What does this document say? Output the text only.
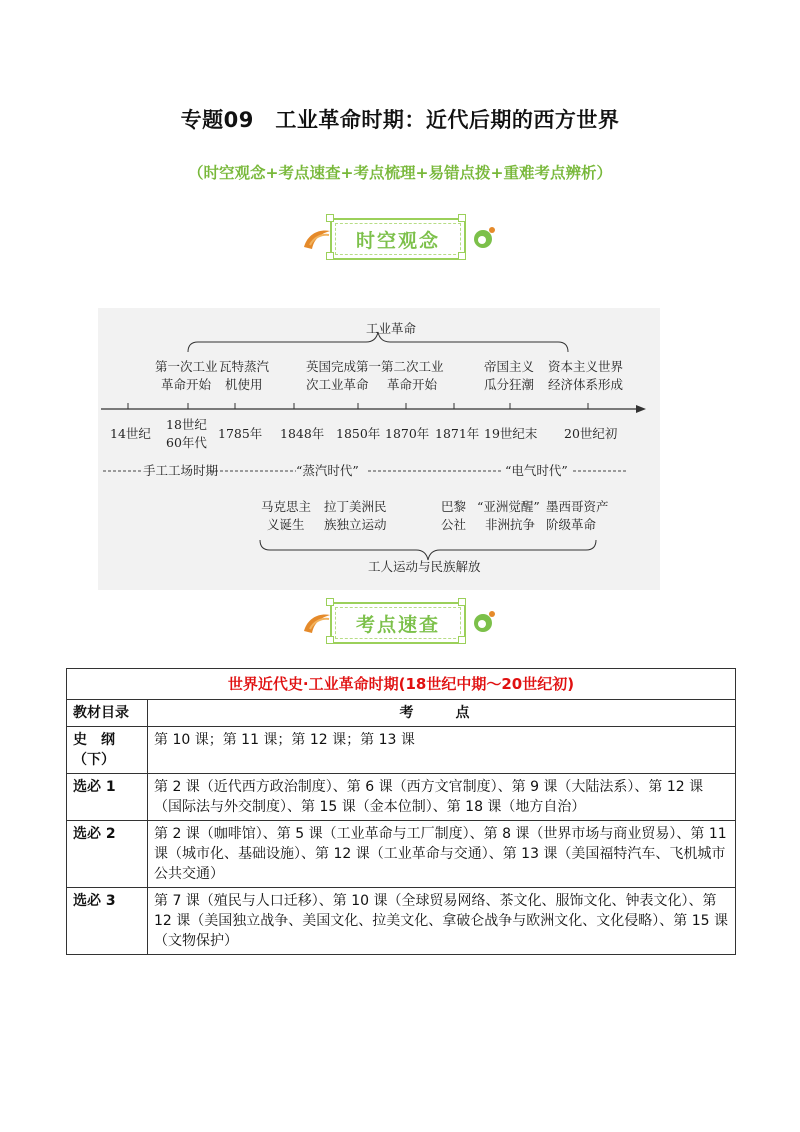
专题09　工业革命时期：近代后期的西方世界
（时空观念+考点速查+考点梳理+易错点拨+重难考点辨析）
时空观念
工业革命
第一次工业
革命开始
瓦特蒸汽
机使用
英国完成第一
次工业革命
第二次工业
革命开始
帝国主义
瓜分狂潮
资本主义世界
经济体系形成
14世纪
18世纪
60年代
1785年 1848年 1850年 1870年 1871年 19世纪末 20世纪初
手工工场时期	“蒸汽时代”	“电气时代”
马克思主
义诞生
拉丁美洲民
族独立运动
巴黎
公社
“亚洲觉醒”
非洲抗争
墨西哥资产
阶级革命
工人运动与民族解放
考点速查
世界近代史·工业革命时期(18世纪中期～20世纪初)	
教材目录	考　点
史　纲（下）	第 10 课；第 11 课；第 12 课；第 13 课
选必 1	第 2 课（近代西方政治制度）、第 6 课（西方文官制度）、第 9 课（大陆法系）、第 12 课（国际法与外交制度）、第 15 课（金本位制）、第 18 课（地方自治）
选必 2	第 2 课（咖啡馆）、第 5 课（工业革命与工厂制度）、第 8 课（世界市场与商业贸易）、第 11 课（城市化、基础设施）、第 12 课（工业革命与交通）、第 13 课（美国福特汽车、飞机城市公共交通）
选必 3	第 7 课（殖民与人口迁移）、第 10 课（全球贸易网络、茶文化、服饰文化、钟表文化）、第 12 课（美国独立战争、美国文化、拉美文化、拿破仑战争与欧洲文化、文化侵略）、第 15 课（文物保护）
